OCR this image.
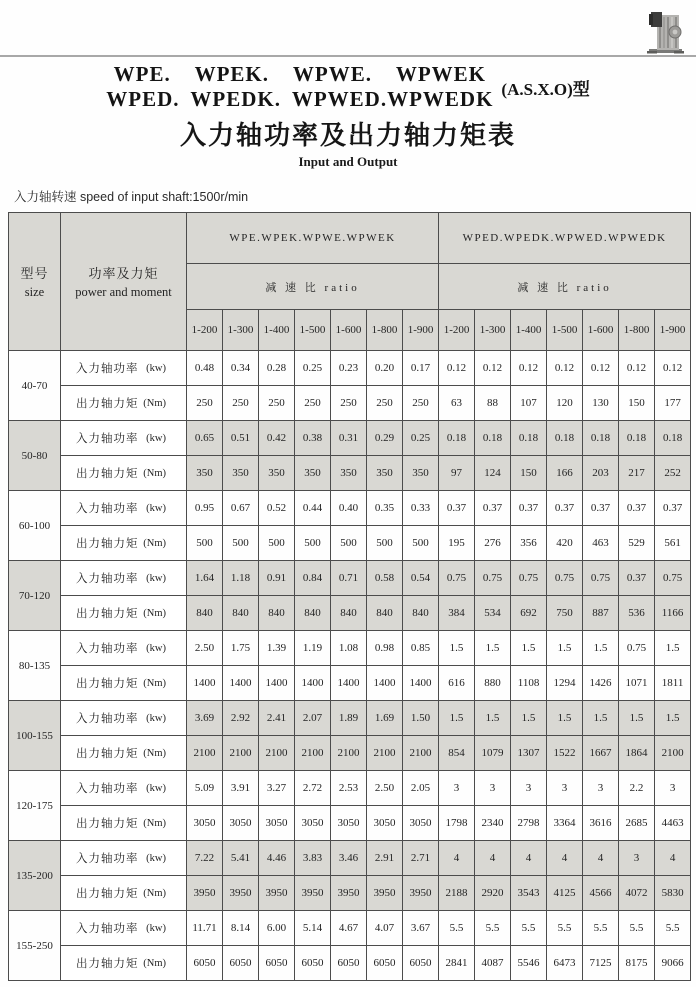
WPE. WPEK. WPWE. WPWEK
WPED. WPEDK. WPWED.WPWEDK (A.S.X.O)型
入力轴功率及出力轴力矩表
Input and Output
入力轴转速 speed of input shaft:1500r/min
型号
size

功率及力矩
power and moment
	WPE.WPEK.WPWE.WPWEK	WPED.WPEDK.WPWED.WPWEDK
		减 速 比 ratio							减 速 比 ratio						
		1-200	1-300	1-400	1-500	1-600	1-800	1-900	1-200	1-300	1-400	1-500	1-600	1-800	1-900
40-70	入力轴功率 (kw)	0.48	0.34	0.28	0.25	0.23	0.20	0.17	0.12	0.12	0.12	0.12	0.12	0.12	0.12

	出力轴力矩 (Nm)	250	250	250	250	250	250	250	63	88	107	120	130	150	177
50-80	入力轴功率 (kw)	0.65	0.51	0.42	0.38	0.31	0.29	0.25	0.18	0.18	0.18	0.18	0.18	0.18	0.18

	出力轴力矩 (Nm)	350	350	350	350	350	350	350	97	124	150	166	203	217	252
60-100	入力轴功率 (kw)	0.95	0.67	0.52	0.44	0.40	0.35	0.33	0.37	0.37	0.37	0.37	0.37	0.37	0.37

	出力轴力矩 (Nm)	500	500	500	500	500	500	500	195	276	356	420	463	529	561
70-120	入力轴功率 (kw)	1.64	1.18	0.91	0.84	0.71	0.58	0.54	0.75	0.75	0.75	0.75	0.75	0.37	0.75

	出力轴力矩 (Nm)	840	840	840	840	840	840	840	384	534	692	750	887	536	1166
80-135	入力轴功率 (kw)	2.50	1.75	1.39	1.19	1.08	0.98	0.85	1.5	1.5	1.5	1.5	1.5	0.75	1.5

	出力轴力矩 (Nm)	1400	1400	1400	1400	1400	1400	1400	616	880	1108	1294	1426	1071	1811
100-155	入力轴功率 (kw)	3.69	2.92	2.41	2.07	1.89	1.69	1.50	1.5	1.5	1.5	1.5	1.5	1.5	1.5

	出力轴力矩 (Nm)	2100	2100	2100	2100	2100	2100	2100	854	1079	1307	1522	1667	1864	2100
120-175	入力轴功率 (kw)	5.09	3.91	3.27	2.72	2.53	2.50	2.05	3	3	3	3	3	2.2	3

	出力轴力矩 (Nm)	3050	3050	3050	3050	3050	3050	3050	1798	2340	2798	3364	3616	2685	4463
135-200	入力轴功率 (kw)	7.22	5.41	4.46	3.83	3.46	2.91	2.71	4	4	4	4	4	3	4

	出力轴力矩 (Nm)	3950	3950	3950	3950	3950	3950	3950	2188	2920	3543	4125	4566	4072	5830
155-250	入力轴功率 (kw)	11.71	8.14	6.00	5.14	4.67	4.07	3.67	5.5	5.5	5.5	5.5	5.5	5.5	5.5

	出力轴力矩 (Nm)	6050	6050	6050	6050	6050	6050	6050	2841	4087	5546	6473	7125	8175	9066
